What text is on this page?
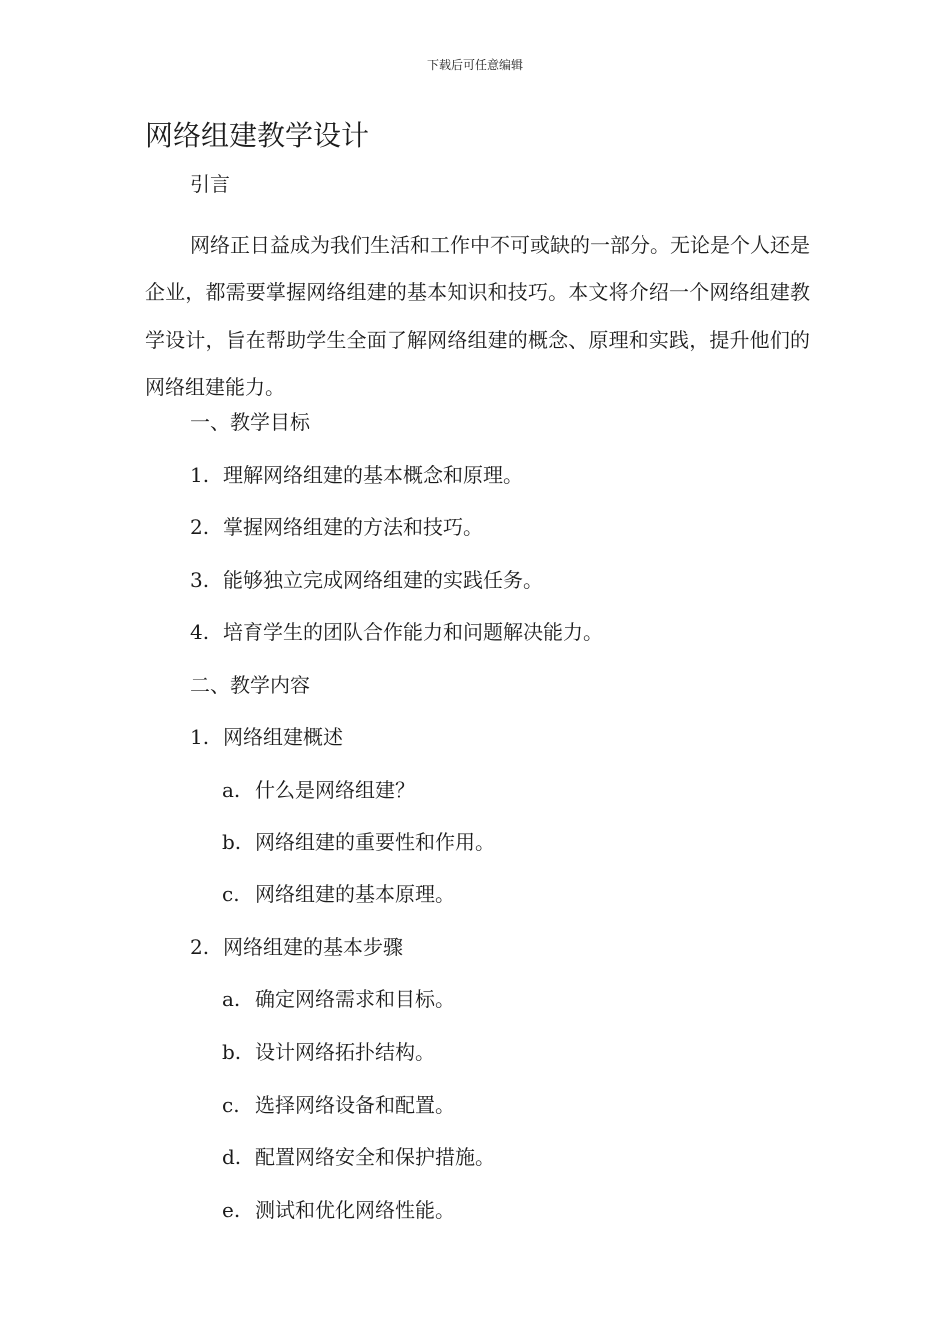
下载后可任意编辑
网络组建教学设计

引言

网络正日益成为我们生活和工作中不可或缺的一部分。无论是个人还是企业，都需要掌握网络组建的基本知识和技巧。本文将介绍一个网络组建教学设计，旨在帮助学生全面了解网络组建的概念、原理和实践，提升他们的网络组建能力。

一、教学目标

1. 理解网络组建的基本概念和原理。
2. 掌握网络组建的方法和技巧。
3. 能够独立完成网络组建的实践任务。
4. 培育学生的团队合作能力和问题解决能力。

二、教学内容

1. 网络组建概述
a. 什么是网络组建？
b. 网络组建的重要性和作用。
c. 网络组建的基本原理。
2. 网络组建的基本步骤
a. 确定网络需求和目标。
b. 设计网络拓扑结构。
c. 选择网络设备和配置。
d. 配置网络安全和保护措施。
e. 测试和优化网络性能。
